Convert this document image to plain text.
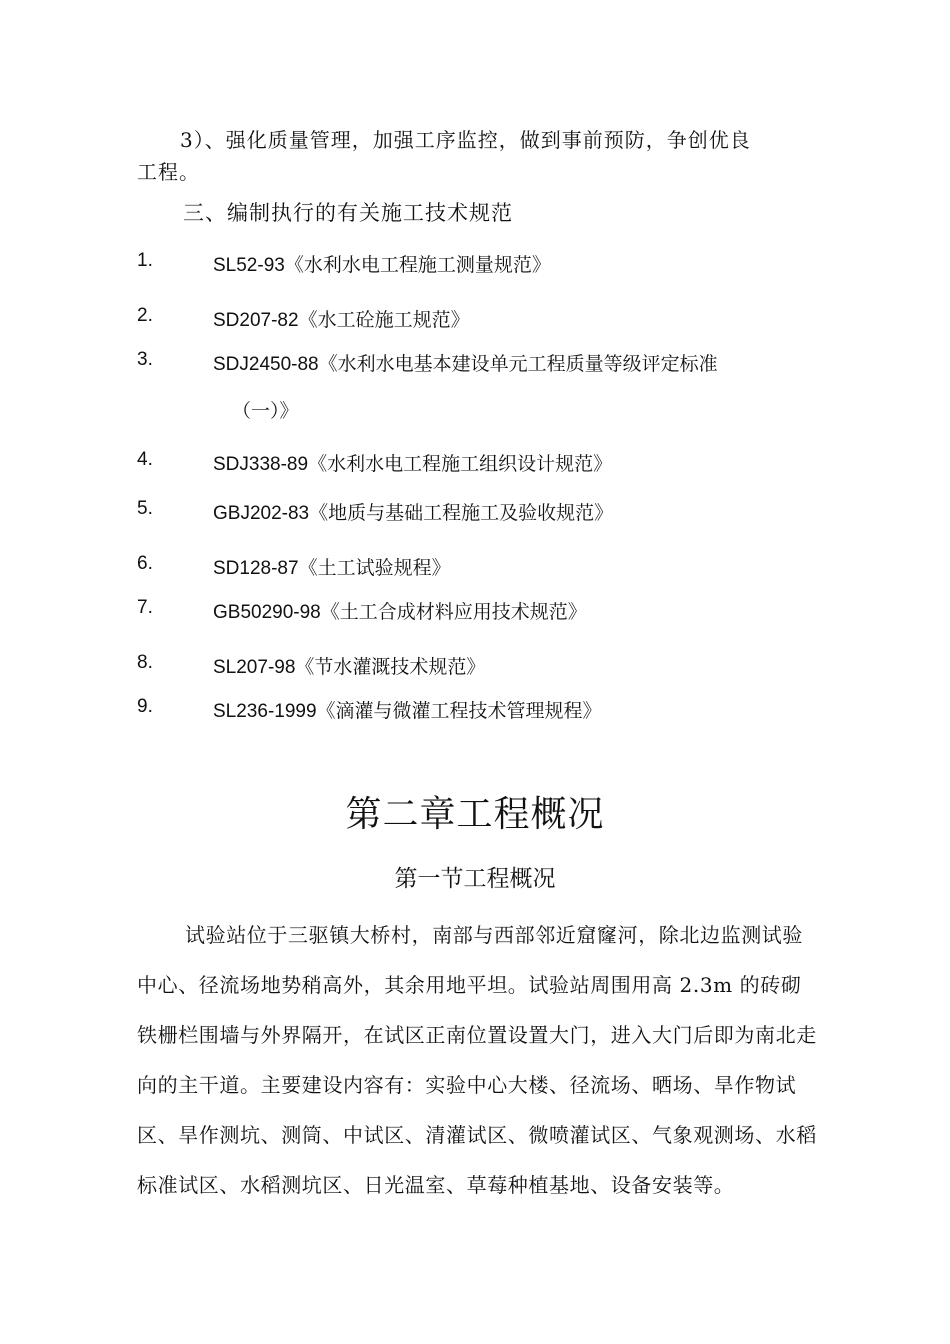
3）、强化质量管理，加强工序监控，做到事前预防，争创优良
工程。
三、编制执行的有关施工技术规范
1.	SL52-93《水利水电工程施工测量规范》
2.	SD207-82《水工砼施工规范》
3.	SDJ2450-88《水利水电基本建设单元工程质量等级评定标准
（一）》
4.	SDJ338-89《水利水电工程施工组织设计规范》
5.	GBJ202-83《地质与基础工程施工及验收规范》
6.	SD128-87《土工试验规程》
7.	GB50290-98《土工合成材料应用技术规范》
8.	SL207-98《节水灌溉技术规范》
9.	SL236-1999《滴灌与微灌工程技术管理规程》
第二章工程概况
第一节工程概况
试验站位于三驱镇大桥村，南部与西部邻近窟窿河，除北边监测试验中心、径流场地势稍高外，其余用地平坦。试验站周围用高 2.3m 的砖砌铁栅栏围墙与外界隔开，在试区正南位置设置大门，进入大门后即为南北走向的主干道。主要建设内容有：实验中心大楼、径流场、晒场、旱作物试区、旱作测坑、测筒、中试区、清灌试区、微喷灌试区、气象观测场、水稻标准试区、水稻测坑区、日光温室、草莓种植基地、设备安装等。
